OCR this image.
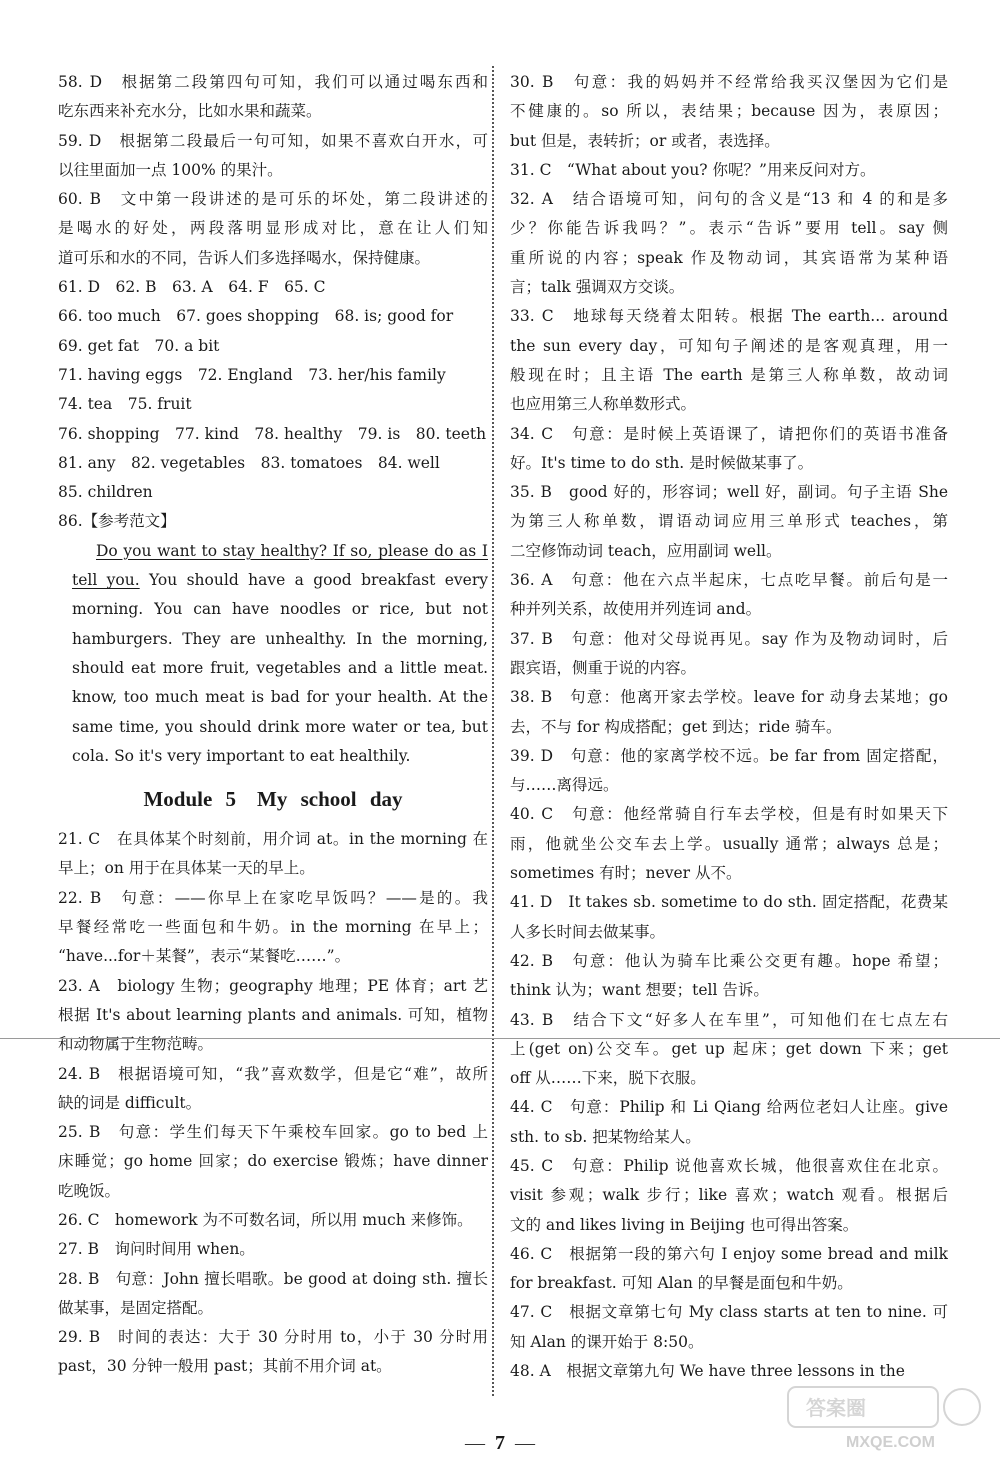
58. D　根据第二段第四句可知，我们可以通过喝东西和
吃东西来补充水分，比如水果和蔬菜。
59. D　根据第二段最后一句可知，如果不喜欢白开水，可
以往里面加一点 100% 的果汁。
60. B　文中第一段讲述的是可乐的坏处，第二段讲述的
是喝水的好处，两段落明显形成对比，意在让人们知
道可乐和水的不同，告诉人们多选择喝水，保持健康。
61. D　62. B　63. A　64. F　65. C
66. too much　67. goes shopping　68. is; good for
69. get fat　70. a bit
71. having eggs　72. England　73. her/his family
74. tea　75. fruit
76. shopping　77. kind　78. healthy　79. is　80. teeth
81. any　82. vegetables　83. tomatoes　84. well
85. children
86.【参考范文】
Do you want to stay healthy? If so, please do as I
tell you. You should have a good breakfast every
morning. You can have noodles or rice, but not
hamburgers. They are unhealthy. In the morning,
should eat more fruit, vegetables and a little meat.
know, too much meat is bad for your health. At the
same time, you should drink more water or tea, but
cola. So it's very important to eat healthily.
Module 5　My school day
21. C　在具体某个时刻前，用介词 at。in the morning 在
早上；on 用于在具体某一天的早上。
22. B　句意：——你早上在家吃早饭吗？——是的。我
早餐经常吃一些面包和牛奶。in the morning 在早上；
“have...for＋某餐”，表示“某餐吃……”。
23. A　biology 生物；geography 地理；PE 体育；art 艺
根据 It's about learning plants and animals. 可知，植物
和动物属于生物范畴。
24. B　根据语境可知，“我”喜欢数学，但是它“难”，故所
缺的词是 difficult。
25. B　句意：学生们每天下午乘校车回家。go to bed 上
床睡觉；go home 回家；do exercise 锻炼；have dinner
吃晚饭。
26. C　homework 为不可数名词，所以用 much 来修饰。
27. B　询问时间用 when。
28. B　句意：John 擅长唱歌。be good at doing sth. 擅长
做某事，是固定搭配。
29. B　时间的表达：大于 30 分时用 to，小于 30 分时用
past，30 分钟一般用 past；其前不用介词 at。
30. B　句意：我的妈妈并不经常给我买汉堡因为它们是
不健康的。so 所以，表结果；because 因为，表原因；
but 但是，表转折；or 或者，表选择。
31. C　“What about you? 你呢？”用来反问对方。
32. A　结合语境可知，问句的含义是“13 和 4 的和是多
少？你能告诉我吗？”。表示“告诉”要用 tell。say 侧
重所说的内容；speak 作及物动词，其宾语常为某种语
言；talk 强调双方交谈。
33. C　地球每天绕着太阳转。根据 The earth... around
the sun every day，可知句子阐述的是客观真理，用一
般现在时；且主语 The earth 是第三人称单数，故动词
也应用第三人称单数形式。
34. C　句意：是时候上英语课了，请把你们的英语书准备
好。It's time to do sth. 是时候做某事了。
35. B　good 好的，形容词；well 好，副词。句子主语 She
为第三人称单数，谓语动词应用三单形式 teaches，第
二空修饰动词 teach，应用副词 well。
36. A　句意：他在六点半起床，七点吃早餐。前后句是一
种并列关系，故使用并列连词 and。
37. B　句意：他对父母说再见。say 作为及物动词时，后
跟宾语，侧重于说的内容。
38. B　句意：他离开家去学校。leave for 动身去某地；go
去，不与 for 构成搭配；get 到达；ride 骑车。
39. D　句意：他的家离学校不远。be far from 固定搭配，
与……离得远。
40. C　句意：他经常骑自行车去学校，但是有时如果天下
雨，他就坐公交车去上学。usually 通常；always 总是；
sometimes 有时；never 从不。
41. D　It takes sb. sometime to do sth. 固定搭配，花费某
人多长时间去做某事。
42. B　句意：他认为骑车比乘公交更有趣。hope 希望；
think 认为；want 想要；tell 告诉。
43. B　结合下文“好多人在车里”，可知他们在七点左右
上(get on)公交车。get up 起床；get down 下来；get
off 从……下来，脱下衣服。
44. C　句意：Philip 和 Li Qiang 给两位老妇人让座。give
sth. to sb. 把某物给某人。
45. C　句意：Philip 说他喜欢长城，他很喜欢住在北京。
visit 参观；walk 步行；like 喜欢；watch 观看。根据后
文的 and likes living in Beijing 也可得出答案。
46. C　根据第一段的第六句 I enjoy some bread and milk
for breakfast. 可知 Alan 的早餐是面包和牛奶。
47. C　根据文章第七句 My class starts at ten to nine. 可
知 Alan 的课开始于 8:50。
48. A　根据文章第九句 We have three lessons in the
— 7 —	MXQE.COM
答案圈
